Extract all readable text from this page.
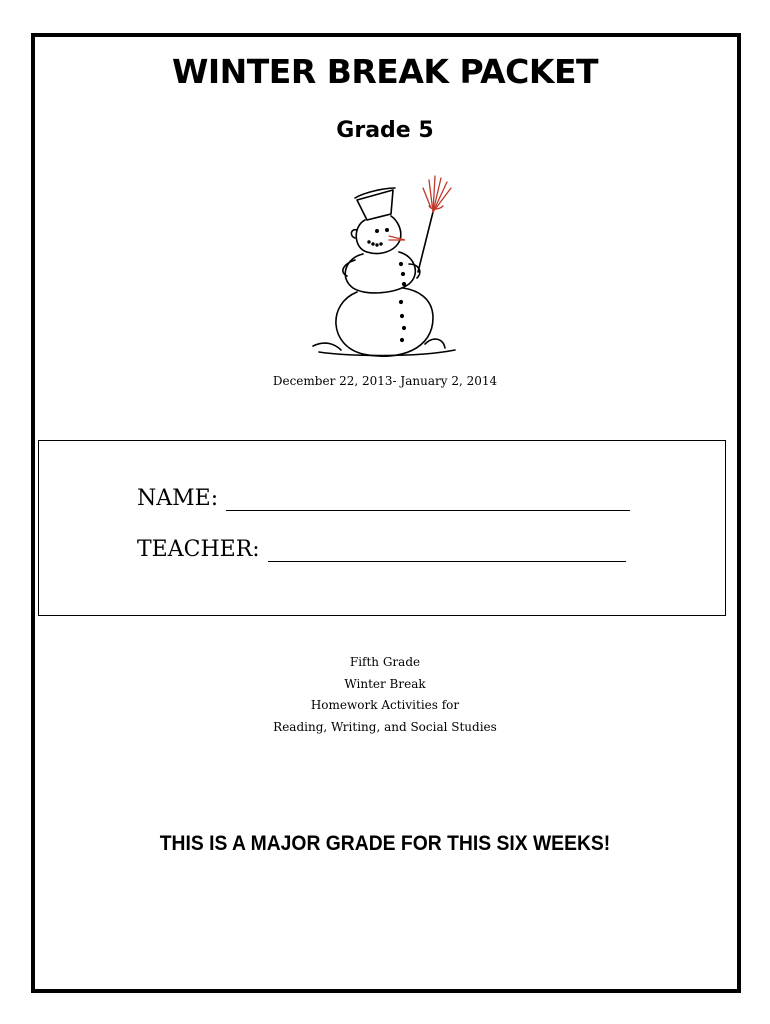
WINTER BREAK PACKET
Grade 5
December 22, 2013- January 2, 2014
NAME:
TEACHER:
Fifth Grade
Winter Break
Homework Activities for
Reading, Writing, and Social Studies
THIS IS A MAJOR GRADE FOR THIS SIX WEEKS!
